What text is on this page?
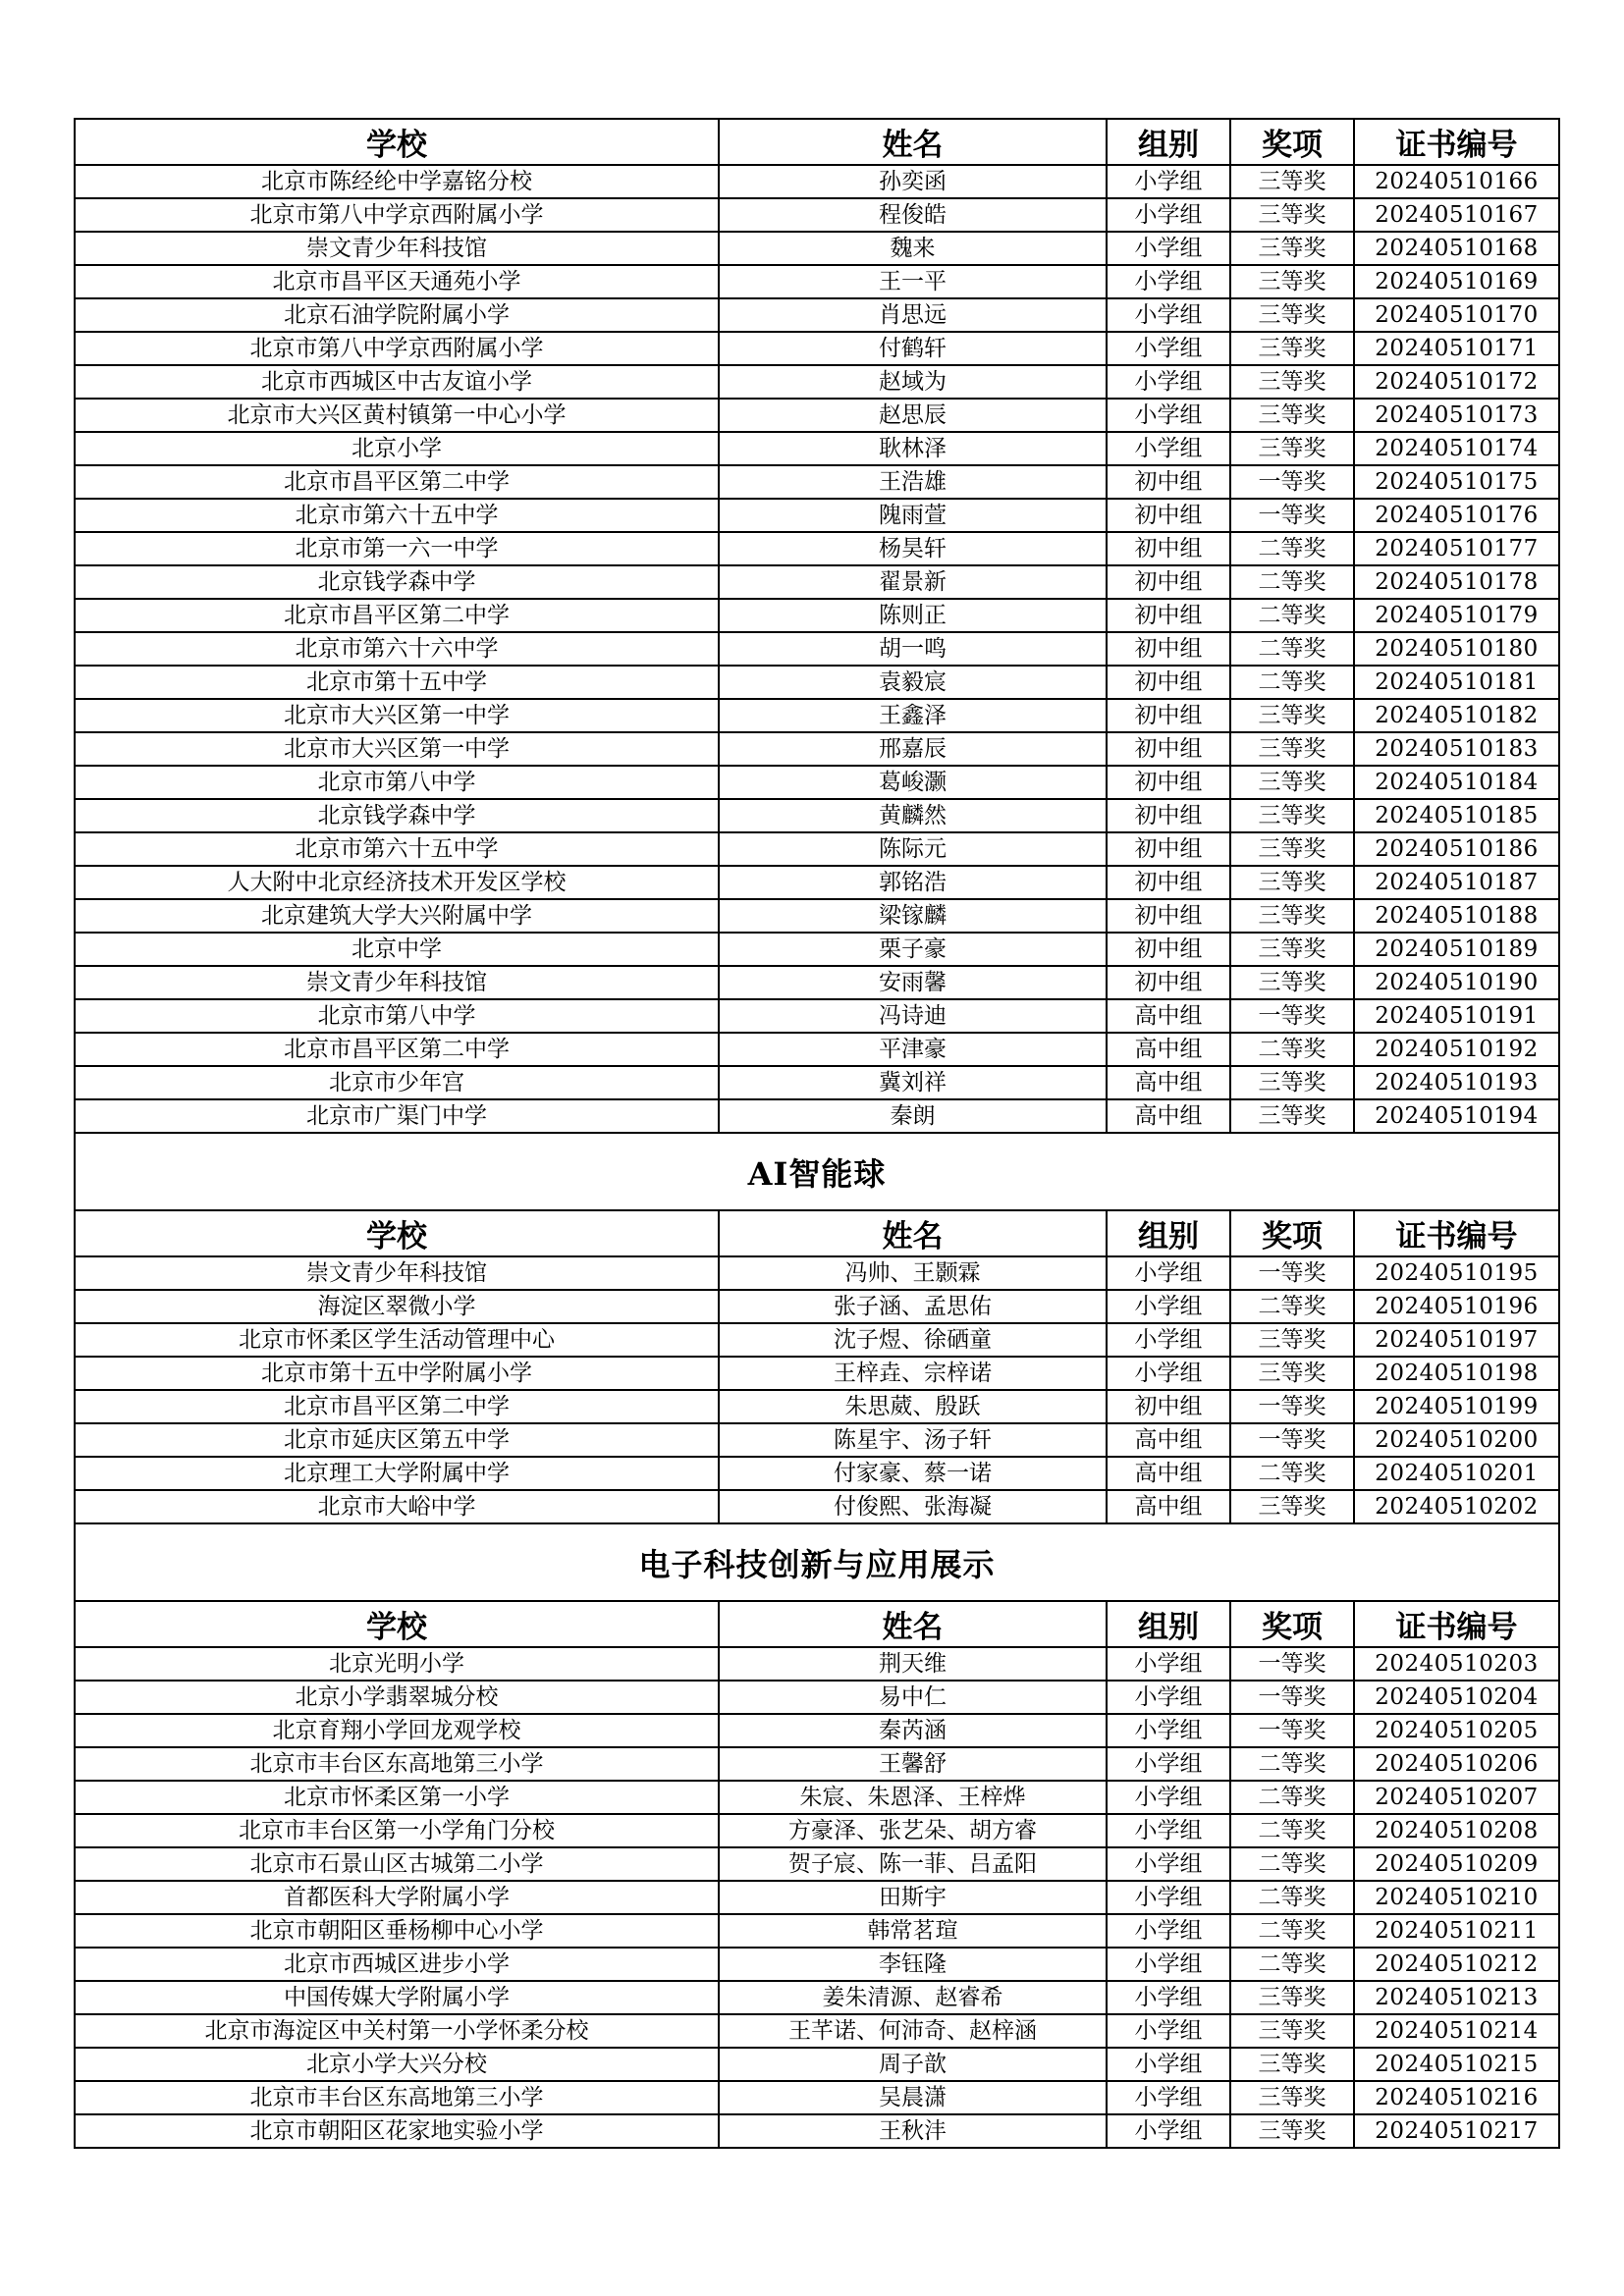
学校	姓名	组别	奖项	证书编号
北京市陈经纶中学嘉铭分校	孙奕函	小学组	三等奖	20240510166
北京市第八中学京西附属小学	程俊皓	小学组	三等奖	20240510167
崇文青少年科技馆	魏来	小学组	三等奖	20240510168
北京市昌平区天通苑小学	王一平	小学组	三等奖	20240510169
北京石油学院附属小学	肖思远	小学组	三等奖	20240510170
北京市第八中学京西附属小学	付鹤轩	小学组	三等奖	20240510171
北京市西城区中古友谊小学	赵域为	小学组	三等奖	20240510172
北京市大兴区黄村镇第一中心小学	赵思辰	小学组	三等奖	20240510173
北京小学	耿林泽	小学组	三等奖	20240510174
北京市昌平区第二中学	王浩雄	初中组	一等奖	20240510175
北京市第六十五中学	隗雨萱	初中组	一等奖	20240510176
北京市第一六一中学	杨昊轩	初中组	二等奖	20240510177
北京钱学森中学	翟景新	初中组	二等奖	20240510178
北京市昌平区第二中学	陈则正	初中组	二等奖	20240510179
北京市第六十六中学	胡一鸣	初中组	二等奖	20240510180
北京市第十五中学	袁毅宸	初中组	二等奖	20240510181
北京市大兴区第一中学	王鑫泽	初中组	三等奖	20240510182
北京市大兴区第一中学	邢嘉辰	初中组	三等奖	20240510183
北京市第八中学	葛峻灏	初中组	三等奖	20240510184
北京钱学森中学	黄麟然	初中组	三等奖	20240510185
北京市第六十五中学	陈际元	初中组	三等奖	20240510186
人大附中北京经济技术开发区学校	郭铭浩	初中组	三等奖	20240510187
北京建筑大学大兴附属中学	梁镓麟	初中组	三等奖	20240510188
北京中学	栗子豪	初中组	三等奖	20240510189
崇文青少年科技馆	安雨馨	初中组	三等奖	20240510190
北京市第八中学	冯诗迪	高中组	一等奖	20240510191
北京市昌平区第二中学	平津豪	高中组	二等奖	20240510192
北京市少年宫	冀刘祥	高中组	三等奖	20240510193
北京市广渠门中学	秦朗	高中组	三等奖	20240510194
AI智能球				
学校	姓名	组别	奖项	证书编号
崇文青少年科技馆	冯帅、王颢霖	小学组	一等奖	20240510195
海淀区翠微小学	张子涵、孟思佑	小学组	二等奖	20240510196
北京市怀柔区学生活动管理中心	沈子煜、徐硒童	小学组	三等奖	20240510197
北京市第十五中学附属小学	王梓垚、宗梓诺	小学组	三等奖	20240510198
北京市昌平区第二中学	朱思葳、殷跃	初中组	一等奖	20240510199
北京市延庆区第五中学	陈星宇、汤子轩	高中组	一等奖	20240510200
北京理工大学附属中学	付家豪、蔡一诺	高中组	二等奖	20240510201
北京市大峪中学	付俊熙、张海凝	高中组	三等奖	20240510202
电子科技创新与应用展示				
学校	姓名	组别	奖项	证书编号
北京光明小学	荆天维	小学组	一等奖	20240510203
北京小学翡翠城分校	易中仁	小学组	一等奖	20240510204
北京育翔小学回龙观学校	秦芮涵	小学组	一等奖	20240510205
北京市丰台区东高地第三小学	王馨舒	小学组	二等奖	20240510206
北京市怀柔区第一小学	朱宸、朱恩泽、王梓烨	小学组	二等奖	20240510207
北京市丰台区第一小学角门分校	方豪泽、张艺朵、胡方睿	小学组	二等奖	20240510208
北京市石景山区古城第二小学	贺子宸、陈一菲、吕孟阳	小学组	二等奖	20240510209
首都医科大学附属小学	田斯宇	小学组	二等奖	20240510210
北京市朝阳区垂杨柳中心小学	韩常茗瑄	小学组	二等奖	20240510211
北京市西城区进步小学	李钰隆	小学组	二等奖	20240510212
中国传媒大学附属小学	姜朱清源、赵睿希	小学组	三等奖	20240510213
北京市海淀区中关村第一小学怀柔分校	王芊诺、何沛奇、赵梓涵	小学组	三等奖	20240510214
北京小学大兴分校	周子歆	小学组	三等奖	20240510215
北京市丰台区东高地第三小学	吴晨潇	小学组	三等奖	20240510216
北京市朝阳区花家地实验小学	王秋沣	小学组	三等奖	20240510217
